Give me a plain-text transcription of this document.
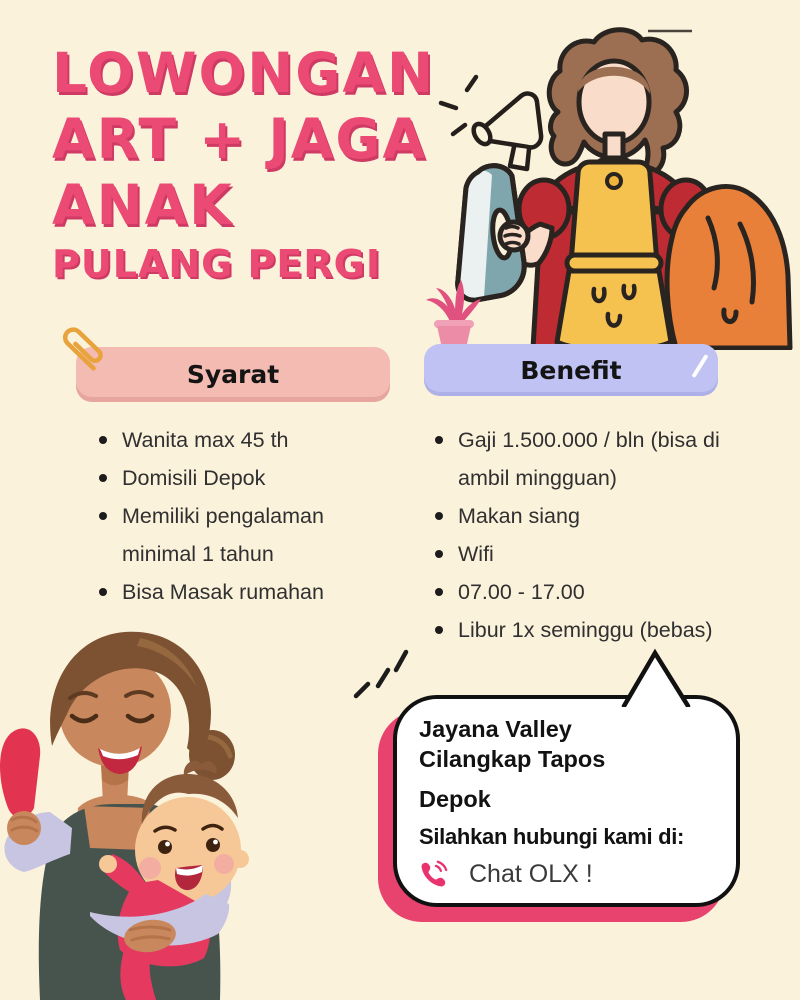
LOWONGAN
ART + JAGA
ANAK
PULANG PERGI
Syarat	Benefit
Wanita max 45 th
Domisili Depok
Memiliki pengalaman minimal 1 tahun
Bisa Masak rumahan
Gaji 1.500.000 / bln (bisa di ambil mingguan)
Makan siang
Wifi
07.00 - 17.00
Libur 1x seminggu (bebas)
Jayana Valley
Cilangkap Tapos
Depok
Silahkan hubungi kami di:
Chat OLX !
